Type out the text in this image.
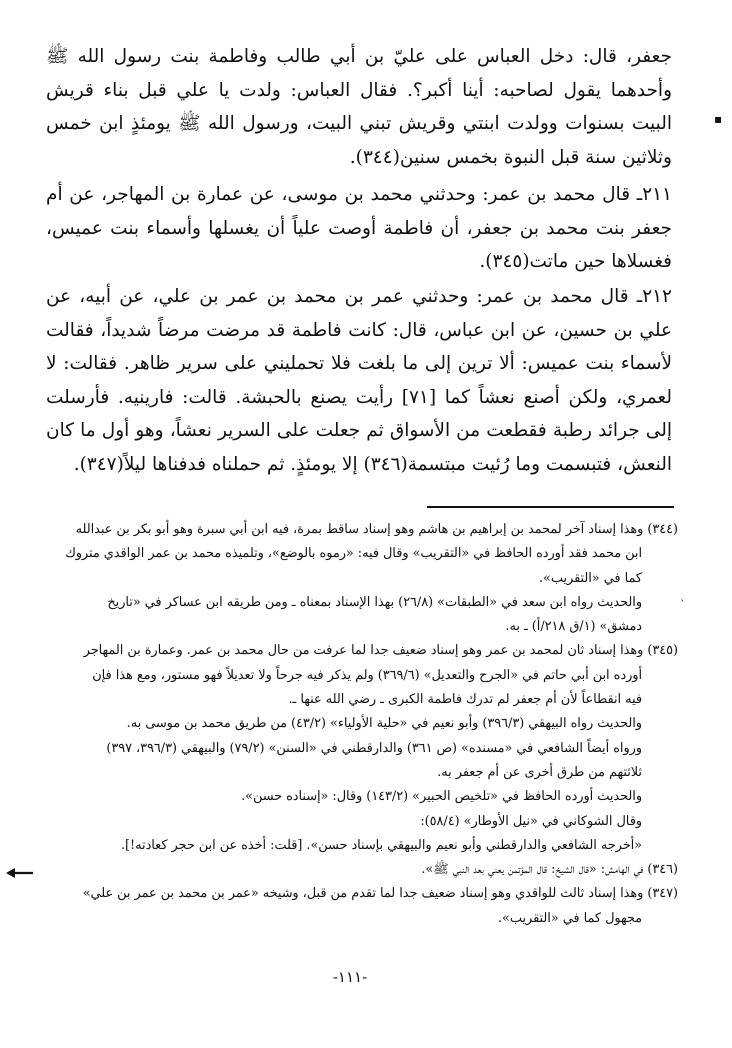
جعفر، قال: دخل العباس على عليّ بن أبي طالب وفاطمة بنت رسول الله ﷺ وأحدهما يقول لصاحبه: أينا أكبر؟. فقال العباس: ولدت يا علي قبل بناء قريش البيت بسنوات وولدت ابنتي وقريش تبني البيت، ورسول الله ﷺ يومئذٍ ابن خمس وثلاثين سنة قبل النبوة بخمس سنين(٣٤٤).

٢١١ـ قال محمد بن عمر: وحدثني محمد بن موسى، عن عمارة بن المهاجر، عن أم جعفر بنت محمد بن جعفر، أن فاطمة أوصت علياً أن يغسلها وأسماء بنت عميس، فغسلاها حين ماتت(٣٤٥).

٢١٢ـ قال محمد بن عمر: وحدثني عمر بن محمد بن عمر بن علي، عن أبيه، عن علي بن حسين، عن ابن عباس، قال: كانت فاطمة قد مرضت مرضاً شديداً، فقالت لأسماء بنت عميس: ألا ترين إلى ما بلغت فلا تحمليني على سرير ظاهر. فقالت: لا لعمري، ولكن أصنع نعشاً كما [٧١] رأيت يصنع بالحبشة. قالت: فارينيه. فأرسلت إلى جرائد رطبة فقطعت من الأسواق ثم جعلت على السرير نعشاً، وهو أول ما كان النعش، فتبسمت وما رُئيت مبتسمة(٣٤٦) إلا يومئذٍ. ثم حملناه فدفناها ليلاً(٣٤٧).

(٣٤٤) وهذا إسناد آخر لمحمد بن إبراهيم بن هاشم وهو إسناد ساقط بمرة، فيه ابن أبي سبرة وهو أبو بكر بن عبدالله

ابن محمد فقد أورده الحافظ في «التقريب» وقال فيه: «رموه بالوضع»، وتلميذه محمد بن عمر الواقدي متروك

كما في «التقريب».

والحديث رواه ابن سعد في «الطبقات» (٢٦/٨) بهذا الإسناد بمعناه ـ ومن طريقه ابن عساكر في «تاريخ

دمشق» (١/ق ٢١٨/أ) ـ به.

(٣٤٥) وهذا إسناد ثان لمحمد بن عمر وهو إسناد ضعيف جدا لما عرفت من حال محمد بن عمر. وعمارة بن المهاجر

أورده ابن أبي حاتم في «الجرح والتعديل» (٣٦٩/٦) ولم يذكر فيه جرحاً ولا تعديلاً فهو مستور، ومع هذا فإن

فيه انقطاعاً لأن أم جعفر لم تدرك فاطمة الكبرى ـ رضي الله عنها ـ.

والحديث رواه البيهقي (٣٩٦/٣) وأبو نعيم في «حلية الأولياء» (٤٣/٢) من طريق محمد بن موسى به.

ورواه أيضاً الشافعي في «مسنده» (ص ٣٦١) والدارقطني في «السنن» (٧٩/٢) والبيهقي (٣٩٦/٣، ٣٩٧)

ثلاثتهم من طرق أخرى عن أم جعفر به.

والحديث أورده الحافظ في «تلخيص الحبير» (١٤٣/٢) وقال: «إسناده حسن».

وقال الشوكاني في «نيل الأوطار» (٥٨/٤):

«أخرجه الشافعي والدارقطني وأبو نعيم والبيهقي بإسناد حسن». [قلت: أخذه عن ابن حجر كعادته!].

(٣٤٦) في الهامش: «قال الشيخ: قال المؤتمن يعني بعد النبي ﷺ».

(٣٤٧) وهذا إسناد ثالث للواقدي وهو إسناد ضعيف جدا لما تقدم من قبل، وشيخه «عمر بن محمد بن عمر بن علي»

مجهول كما في «التقريب».

-١١١-
▪
ˋ
